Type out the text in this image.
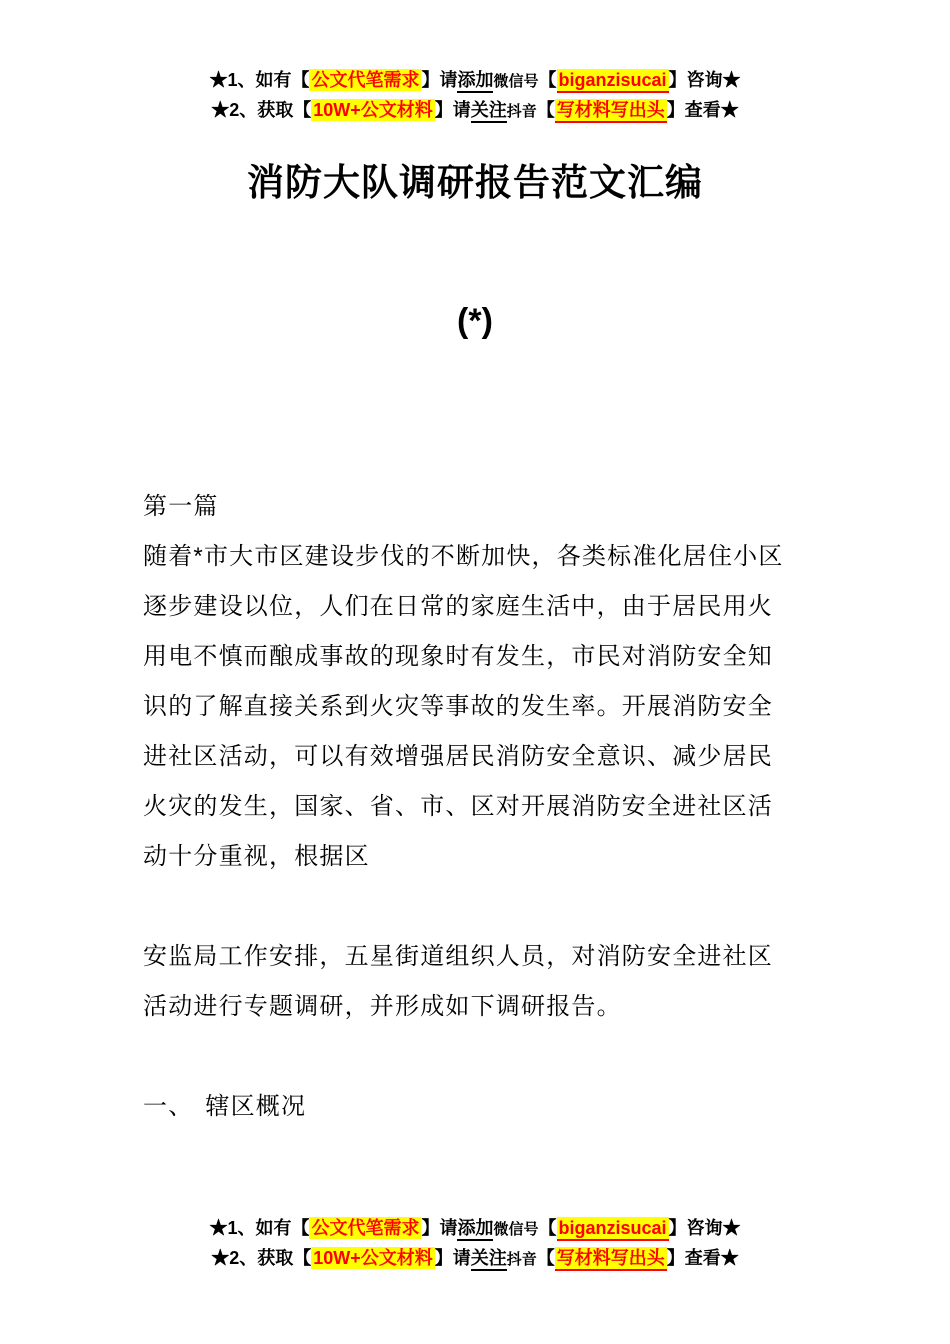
★1、如有【 公文代笔需求 】请添加微信号【 biganzisucai 】咨询★
★2、获取【 10W+公文材料 】请关注抖音【 写材料写出头 】查看★
消防大队调研报告范文汇编
(*)
第一篇
随着*市大市区建设步伐的不断加快，各类标准化居住小区
逐步建设以位，人们在日常的家庭生活中，由于居民用火
用电不慎而酿成事故的现象时有发生，市民对消防安全知
识的了解直接关系到火灾等事故的发生率。开展消防安全
进社区活动，可以有效增强居民消防安全意识、减少居民
火灾的发生，国家、省、市、区对开展消防安全进社区活
动十分重视，根据区
安监局工作安排，五星街道组织人员，对消防安全进社区
活动进行专题调研，并形成如下调研报告。
一、 辖区概况
★1、如有【 公文代笔需求 】请添加微信号【 biganzisucai 】咨询★
★2、获取【 10W+公文材料 】请关注抖音【 写材料写出头 】查看★
